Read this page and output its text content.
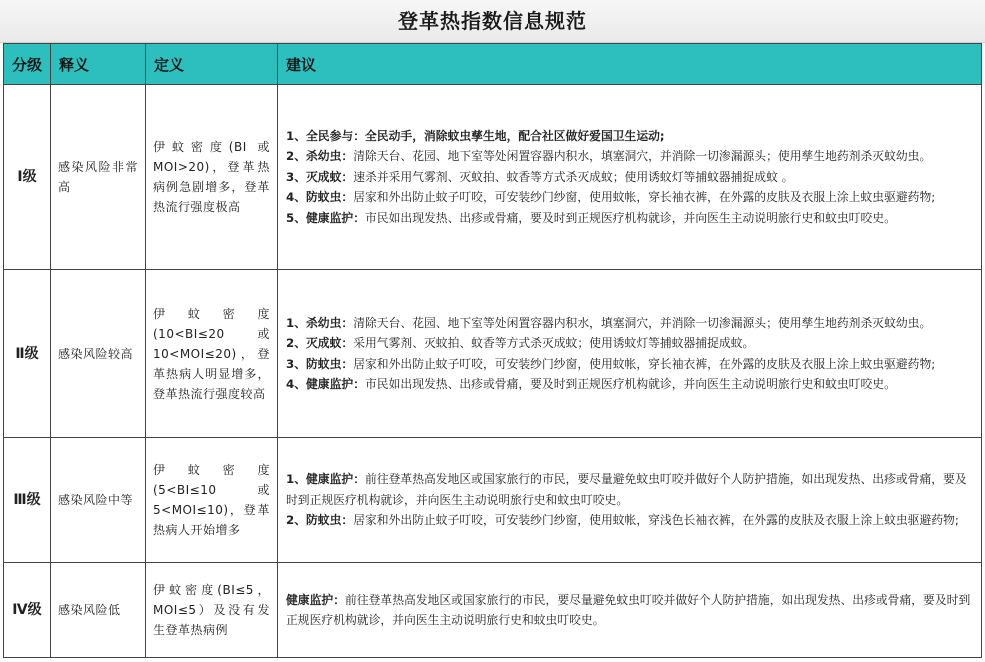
登革热指数信息规范
分级	释义	定义	建议
Ⅰ级	感染风险非常高	伊蚊密度(BI 或 MOI>20)，登革热病例急剧增多，登革热流行强度极高	1、全民参与：全民动手，消除蚊虫孳生地，配合社区做好爱国卫生运动;
2、杀幼虫：清除天台、花园、地下室等处闲置容器内积水，填塞洞穴，并消除一切渗漏源头；使用孳生地药剂杀灭蚊幼虫。
3、灭成蚊：速杀并采用气雾剂、灭蚊拍、蚊香等方式杀灭成蚊；使用诱蚊灯等捕蚊器捕捉成蚊 。
4、防蚊虫：居家和外出防止蚊子叮咬，可安装纱门纱窗，使用蚊帐，穿长袖衣裤，在外露的皮肤及衣服上涂上蚊虫驱避药物;
5、健康监护：市民如出现发热、出疹或骨痛，要及时到正规医疗机构就诊，并向医生主动说明旅行史和蚊虫叮咬史。

Ⅱ级	感染风险较高	伊蚊密度 (10<BI≤20 或 10<MOI≤20)，登革热病人明显增多，登革热流行强度较高	1、杀幼虫：清除天台、花园、地下室等处闲置容器内积水，填塞洞穴，并消除一切渗漏源头；使用孳生地药剂杀灭蚊幼虫。
2、灭成蚊：采用气雾剂、灭蚊拍、蚊香等方式杀灭成蚊；使用诱蚊灯等捕蚊器捕捉成蚊。
3、防蚊虫：居家和外出防止蚊子叮咬，可安装纱门纱窗，使用蚊帐，穿长袖衣裤，在外露的皮肤及衣服上涂上蚊虫驱避药物;
4、健康监护：市民如出现发热、出疹或骨痛，要及时到正规医疗机构就诊，并向医生主动说明旅行史和蚊虫叮咬史。

Ⅲ级	感染风险中等	伊蚊密度 (5<BI≤10 或 5<MOI≤10)，登革热病人开始增多	1、健康监护：前往登革热高发地区或国家旅行的市民，要尽量避免蚊虫叮咬并做好个人防护措施，如出现发热、出疹或骨痛，要及时到正规医疗机构就诊，并向医生主动说明旅行史和蚊虫叮咬史。
2、防蚊虫：居家和外出防止蚊子叮咬，可安装纱门纱窗，使用蚊帐，穿浅色长袖衣裤，在外露的皮肤及衣服上涂上蚊虫驱避药物;

Ⅳ级	感染风险低	伊蚊密度(BI≤5，MOI≤5）及没有发生登革热病例	健康监护：前往登革热高发地区或国家旅行的市民，要尽量避免蚊虫叮咬并做好个人防护措施，如出现发热、出疹或骨痛，要及时到正规医疗机构就诊，并向医生主动说明旅行史和蚊虫叮咬史。
